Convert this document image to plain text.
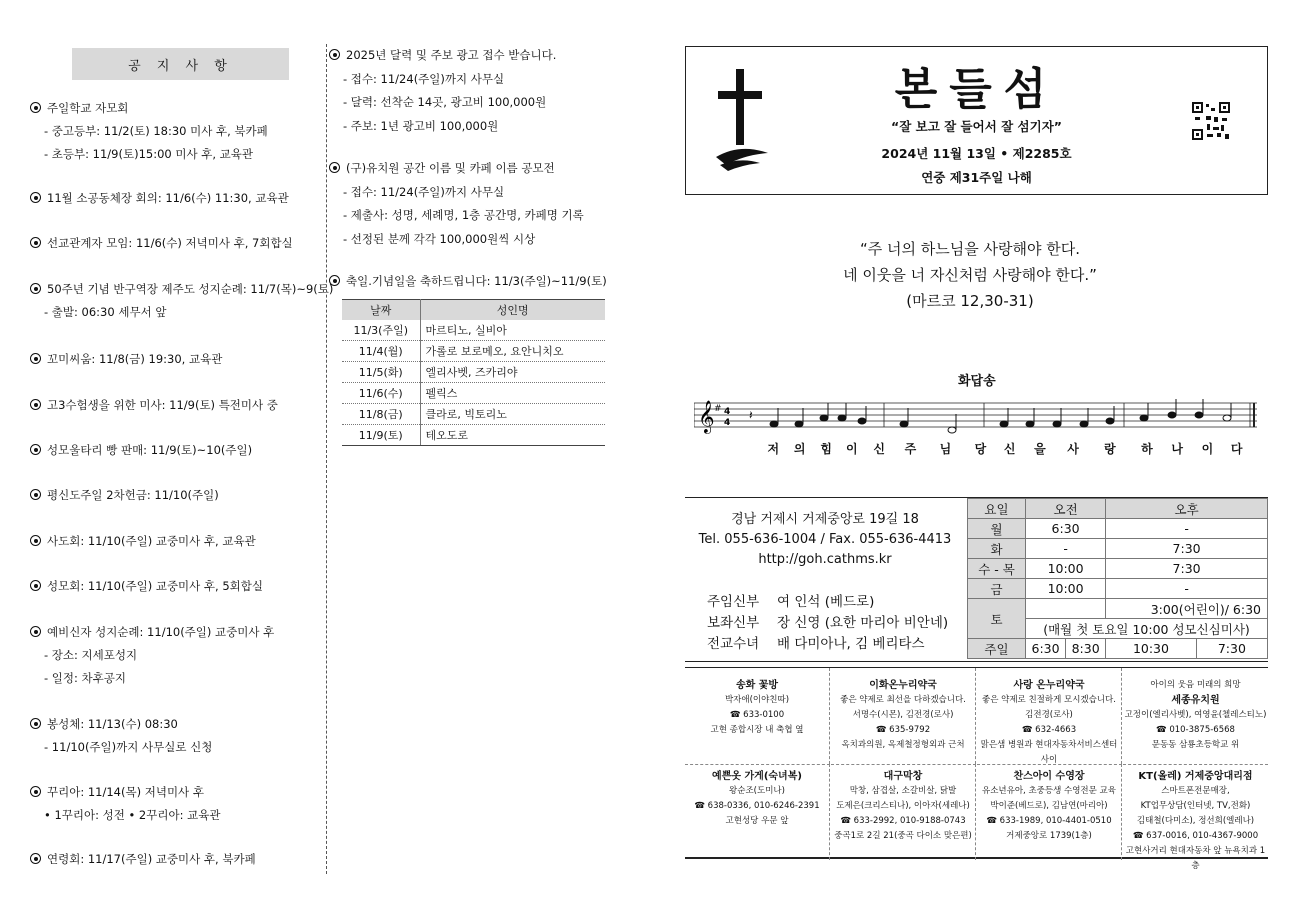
공 지 사 항
주일학교 자모회
- 중고등부: 11/2(토) 18:30 미사 후, 북카페
- 초등부: 11/9(토)15:00 미사 후, 교육관
11월 소공동체장 회의: 11/6(수) 11:30, 교육관
선교관계자 모임: 11/6(수) 저녁미사 후, 7회합실
50주년 기념 반구역장 제주도 성지순례: 11/7(목)~9(토)
- 출발: 06:30 세무서 앞
꼬미씨움: 11/8(금) 19:30, 교육관
고3수험생을 위한 미사: 11/9(토) 특전미사 중
성모울타리 빵 판매: 11/9(토)~10(주일)
평신도주일 2차헌금: 11/10(주일)
사도회: 11/10(주일) 교중미사 후, 교육관
성모회: 11/10(주일) 교중미사 후, 5회합실
예비신자 성지순례: 11/10(주일) 교중미사 후
- 장소: 지세포성지
- 일정: 차후공지
봉성체: 11/13(수) 08:30
- 11/10(주일)까지 사무실로 신청
꾸리아: 11/14(목) 저녁미사 후
• 1꾸리아: 성전 • 2꾸리아: 교육관
연령회: 11/17(주일) 교중미사 후, 북카페
2025년 달력 및 주보 광고 접수 받습니다.
- 접수: 11/24(주일)까지 사무실
- 달력: 선착순 14곳, 광고비 100,000원
- 주보: 1년 광고비 100,000원
(구)유치원 공간 이름 및 카페 이름 공모전
- 접수: 11/24(주일)까지 사무실
- 제출사: 성명, 세례명, 1층 공간명, 카페명 기록
- 선정된 분께 각각 100,000원씩 시상
축일.기념일을 축하드립니다: 11/3(주일)~11/9(토)
날짜	성인명
11/3(주일)	마르티노, 실비아
11/4(월)	가롤로 보로메오, 요안니치오
11/5(화)	엘리사벳, 즈카리야
11/6(수)	펠릭스
11/8(금)	클라로, 빅토리노
11/9(토)	테오도로
본들섬
“잘 보고 잘 들어서 잘 섬기자”
2024년 11월 13일 • 제2285호
연중 제31주일 나해
“주 너의 하느님을 사랑해야 한다.
네 이웃을 너 자신처럼 사랑해야 한다.”

(마르코 12,30-31)
화답송
𝄞 # 4
4
𝄽
저	의	힘	이	신	주	님	당	신	을	사	랑	하	나	이	다
경남 거제시 거제중앙로 19길 18
Tel. 055-636-1004 / Fax. 055-636-4413
http://goh.cathms.kr
주임신부 여 인석 (베드로)
보좌신부 장 신영 (요한 마리아 비안네)
전교수녀 배 다미아나, 김 베리타스
요일	오전		오후	
월	6:30		-	
화	-		7:30	
수 - 목	10:00		7:30	
금	10:00		-	
토			3:00(어린이)/ 6:30	
	(매월 첫 토요일 10:00 성모신심미사)			
주일	6:30	8:30	10:30	7:30
송화 꽃방
박자애(이야친따)
☎ 633-0100
고현 종합시장 내 축협 옆
이화온누리약국
좋은 약제로 최선을 다하겠습니다.
서명수(시몬), 김전경(로사)
☎ 635-9792
옥치과의원, 옥제철정형외과 근처
사랑 온누리약국
좋은 약제로 친절하게 모시겠습니다.
김전경(로사)
☎ 632-4663
맑은샘 병원과 현대자동차서비스센터 사이
아이의 웃음 미래의 희망
세종유치원
고정이(엘리사벳), 여영윤(첼레스티노)
☎ 010-3875-6568
문동동 삼룡초등학교 위
예쁜옷 가게(숙녀복)
왕순조(도미나)
☎ 638-0336, 010-6246-2391
고현성당 우문 앞
대구막창
막창, 삼겹살, 소갈비살, 닭발
도제은(크리스티나), 이아자(세레나)
☎ 633-2992, 010-9188-0743
중곡1로 2길 21(중곡 다이소 맞은편)
찬스아이 수영장
유소년유아, 초중등생 수영전문 교육
박이준(베드로), 김남연(마리아)
☎ 633-1989, 010-4401-0510
거제중앙로 1739(1층)
KT(올레) 거제중앙대리점
스마트폰전문매장,
KT업무상담(인터넷, TV,전화)
김태철(다미소), 정선희(엘레나)
☎ 637-0016, 010-4367-9000
고현사거리 현대자동차 앞 뉴욕치과 1층
